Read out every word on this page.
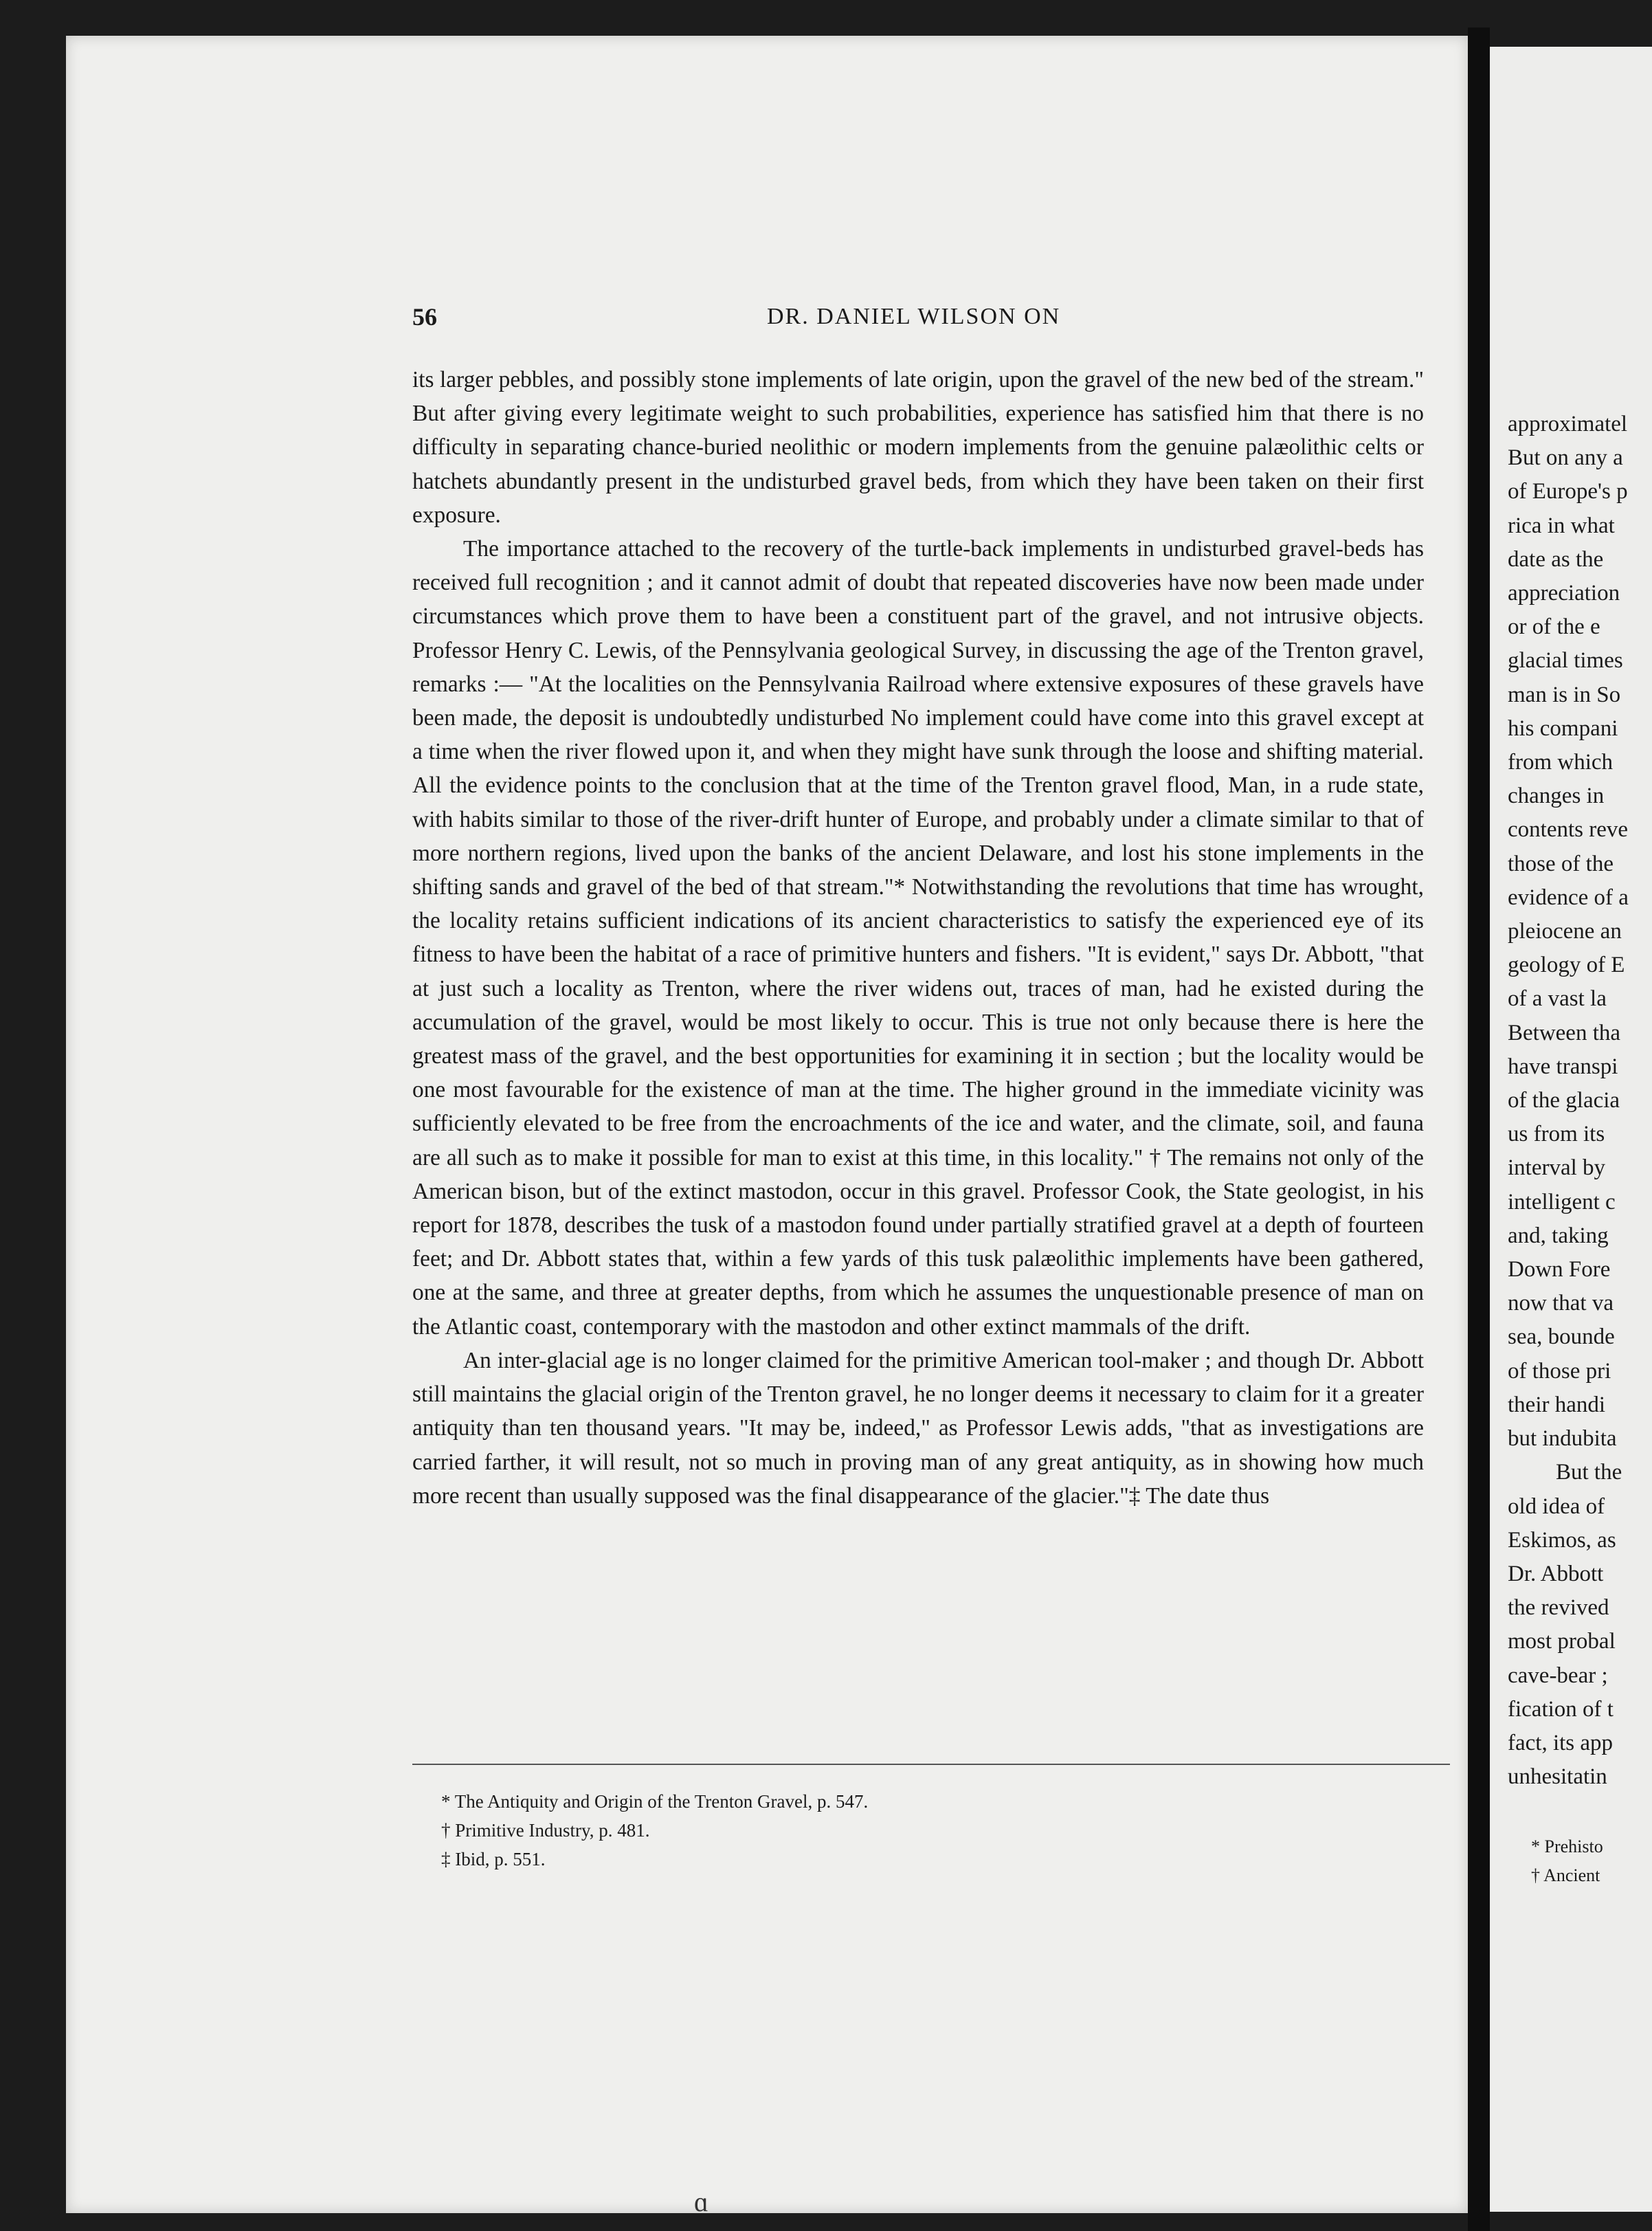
56	DR. DANIEL WILSON ON

its larger pebbles, and possibly stone implements of late origin, upon the gravel of the new bed of the stream." But after giving every legitimate weight to such probabilities, experience has satisfied him that there is no difficulty in separating chance-buried neolithic or modern implements from the genuine palæolithic celts or hatchets abundantly present in the undisturbed gravel beds, from which they have been taken on their first exposure.

The importance attached to the recovery of the turtle-back implements in undisturbed gravel-beds has received full recognition ; and it cannot admit of doubt that repeated discoveries have now been made under circumstances which prove them to have been a constituent part of the gravel, and not intrusive objects. Professor Henry C. Lewis, of the Pennsylvania geological Survey, in discussing the age of the Trenton gravel, remarks :— "At the localities on the Pennsylvania Railroad where extensive exposures of these gravels have been made, the deposit is undoubtedly undisturbed No implement could have come into this gravel except at a time when the river flowed upon it, and when they might have sunk through the loose and shifting material. All the evidence points to the conclusion that at the time of the Trenton gravel flood, Man, in a rude state, with habits similar to those of the river-drift hunter of Europe, and probably under a climate similar to that of more northern regions, lived upon the banks of the ancient Delaware, and lost his stone implements in the shifting sands and gravel of the bed of that stream."* Notwithstanding the revolutions that time has wrought, the locality retains sufficient indications of its ancient characteristics to satisfy the experienced eye of its fitness to have been the habitat of a race of primitive hunters and fishers. "It is evident," says Dr. Abbott, "that at just such a locality as Trenton, where the river widens out, traces of man, had he existed during the accumulation of the gravel, would be most likely to occur. This is true not only because there is here the greatest mass of the gravel, and the best opportunities for examining it in section ; but the locality would be one most favourable for the existence of man at the time. The higher ground in the immediate vicinity was sufficiently elevated to be free from the encroachments of the ice and water, and the climate, soil, and fauna are all such as to make it possible for man to exist at this time, in this locality." † The remains not only of the American bison, but of the extinct mastodon, occur in this gravel. Professor Cook, the State geologist, in his report for 1878, describes the tusk of a mastodon found under partially stratified gravel at a depth of fourteen feet; and Dr. Abbott states that, within a few yards of this tusk palæolithic implements have been gathered, one at the same, and three at greater depths, from which he assumes the unquestionable presence of man on the Atlantic coast, contemporary with the mastodon and other extinct mammals of the drift.

An inter-glacial age is no longer claimed for the primitive American tool-maker ; and though Dr. Abbott still maintains the glacial origin of the Trenton gravel, he no longer deems it necessary to claim for it a greater antiquity than ten thousand years. "It may be, indeed," as Professor Lewis adds, "that as investigations are carried farther, it will result, not so much in proving man of any great antiquity, as in showing how much more recent than usually supposed was the final disappearance of the glacier."‡ The date thus

* The Antiquity and Origin of the Trenton Gravel, p. 547.
† Primitive Industry, p. 481.
‡ Ibid, p. 551.
approximatel
But on any a
of Europe's p
rica in what
date as the
appreciation
or of the e
glacial times
man is in So
his compani
from which
changes in
contents reve
those of the
evidence of a
pleiocene an
geology of E
of a vast la
Between tha
have transpi
of the glacia
us from its
interval by
intelligent c
and, taking
Down Fore
now that va
sea, bounde
of those pri
their handi
but indubita
But the
old idea of
Eskimos, as
Dr. Abbott
the revived
most probal
cave-bear ;
fication of t
fact, its app
unhesitatin
* Prehisto
† Ancient
ɑ
